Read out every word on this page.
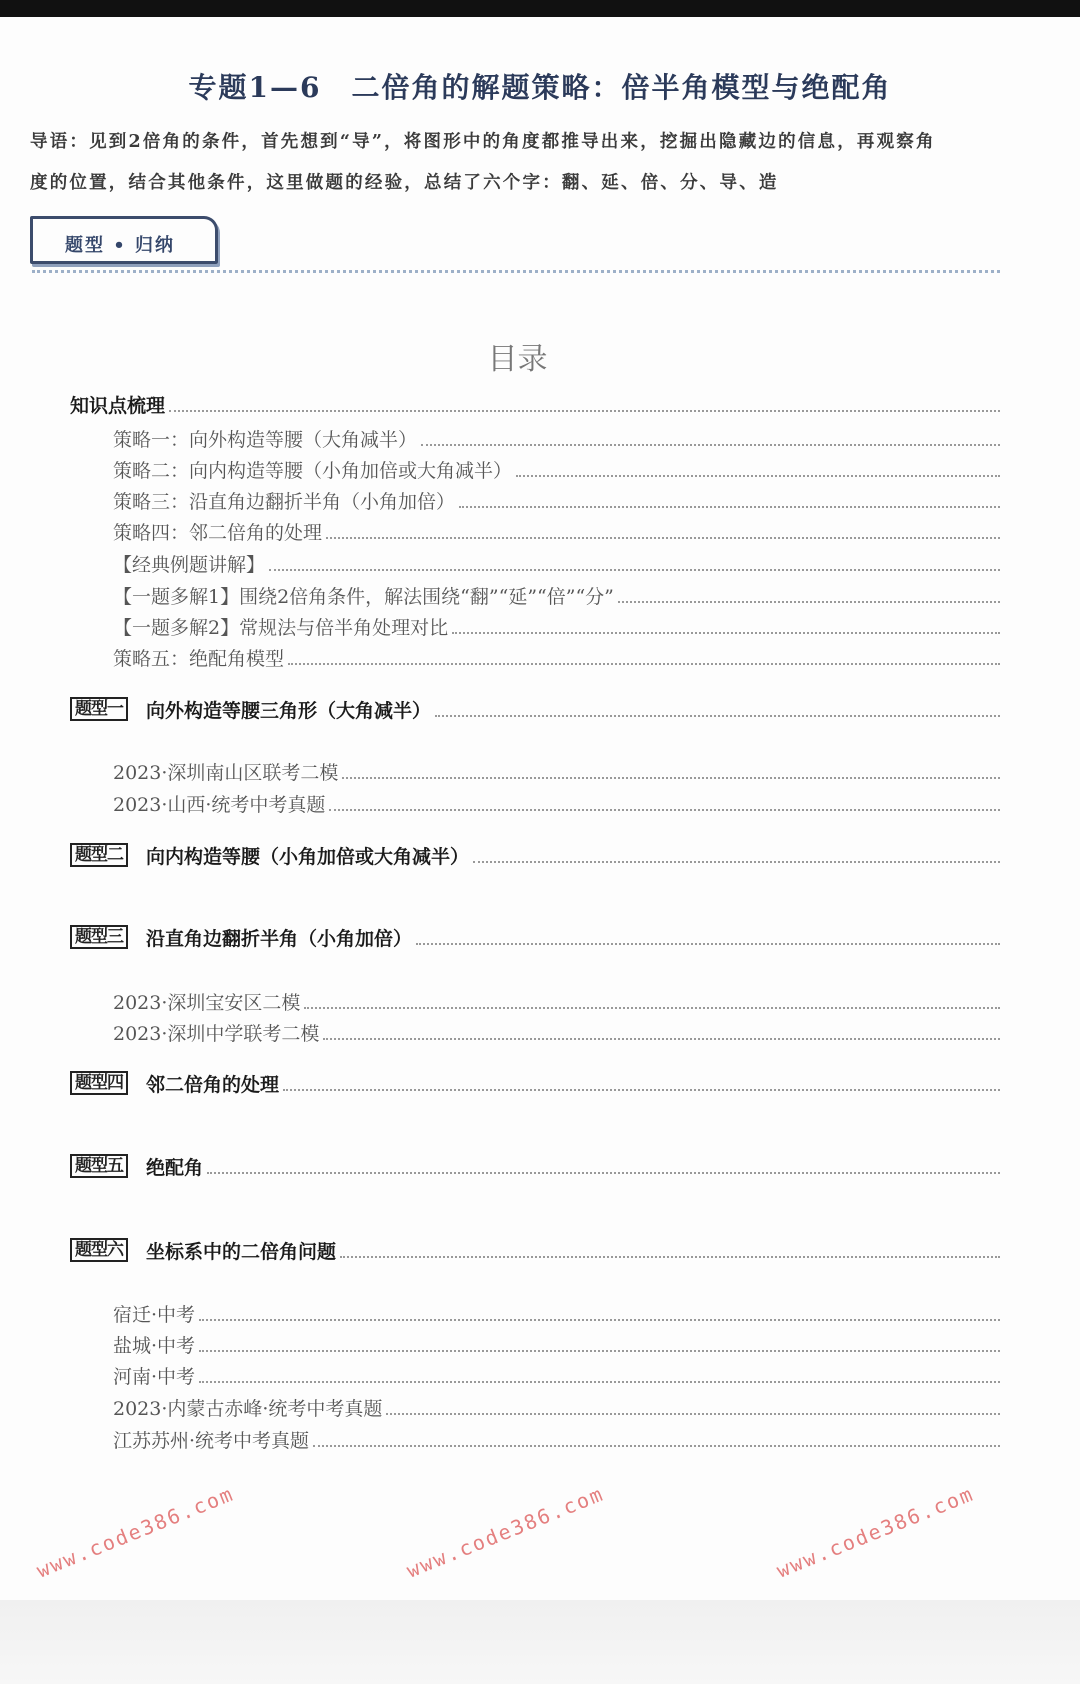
专题1—6　二倍角的解题策略：倍半角模型与绝配角
导语：见到2倍角的条件，首先想到“导”，将图形中的角度都推导出来，挖掘出隐藏边的信息，再观察角
度的位置，结合其他条件，这里做题的经验，总结了六个字：翻、延、倍、分、导、造
题型 • 归纳
目录
知识点梳理
策略一：向外构造等腰（大角减半）
策略二：向内构造等腰（小角加倍或大角减半）
策略三：沿直角边翻折半角（小角加倍）
策略四：邻二倍角的处理
【经典例题讲解】
【一题多解1】围绕2倍角条件，解法围绕“翻”“延”“倍”“分”
【一题多解2】常规法与倍半角处理对比
策略五：绝配角模型
题型一 向外构造等腰三角形（大角减半）
2023·深圳南山区联考二模
2023·山西·统考中考真题
题型二 向内构造等腰（小角加倍或大角减半）
题型三 沿直角边翻折半角（小角加倍）
2023·深圳宝安区二模
2023·深圳中学联考二模
题型四 邻二倍角的处理
题型五 绝配角
题型六 坐标系中的二倍角问题
宿迁·中考
盐城·中考
河南·中考
2023·内蒙古赤峰·统考中考真题
江苏苏州·统考中考真题
www.code386.com	www.code386.com	www.code386.com
